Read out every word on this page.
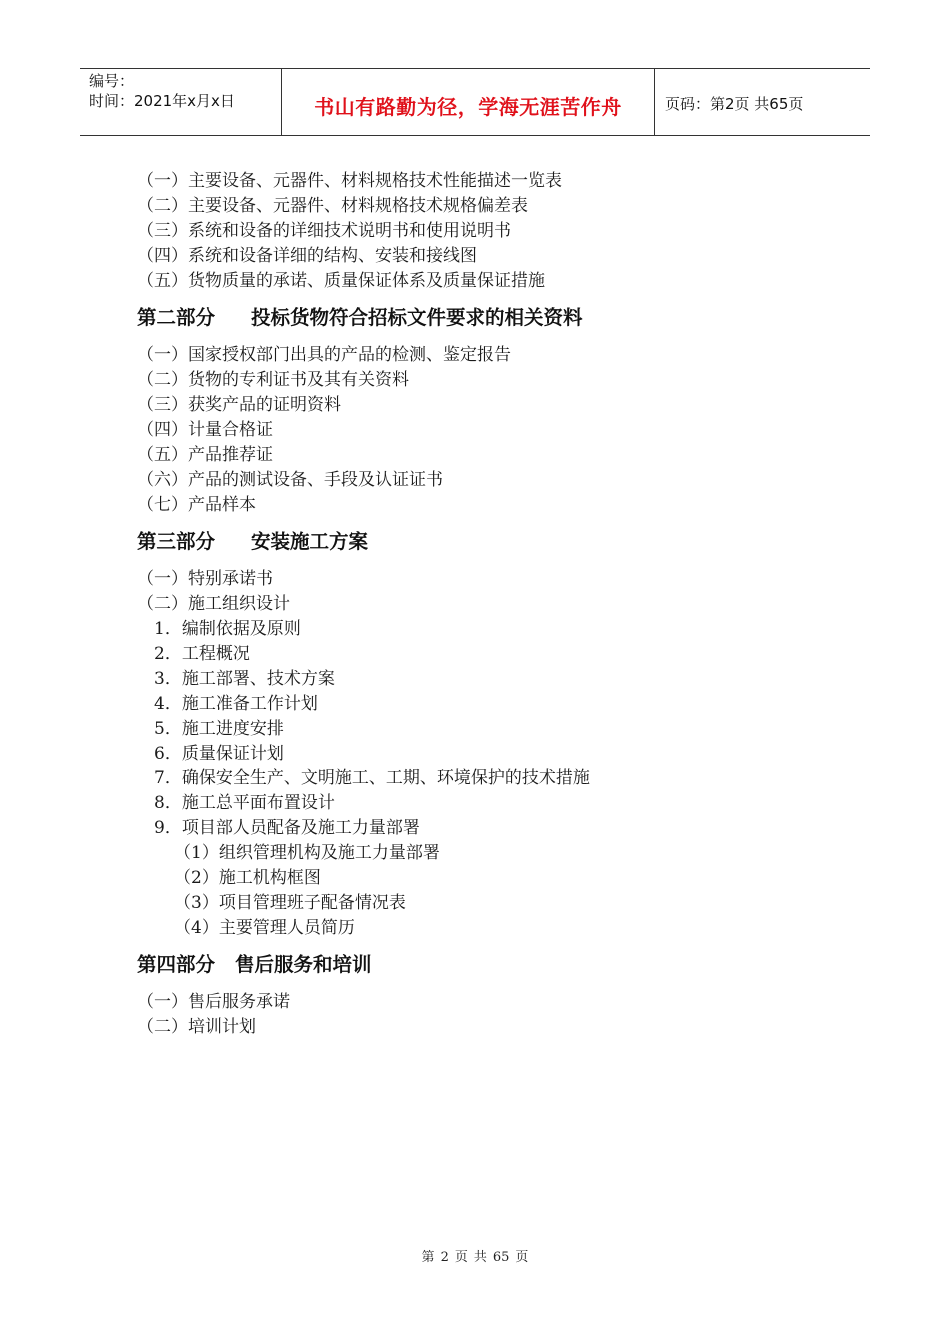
编号：
时间：2021年x月x日	书山有路勤为径，学海无涯苦作舟	页码：第2页 共65页
（一）主要设备、元器件、材料规格技术性能描述一览表
（二）主要设备、元器件、材料规格技术规格偏差表
（三）系统和设备的详细技术说明书和使用说明书
（四）系统和设备详细的结构、安装和接线图
（五）货物质量的承诺、质量保证体系及质量保证措施
第二部分 投标货物符合招标文件要求的相关资料
（一）国家授权部门出具的产品的检测、鉴定报告
（二）货物的专利证书及其有关资料
（三）获奖产品的证明资料
（四）计量合格证
（五）产品推荐证
（六）产品的测试设备、手段及认证证书
（七）产品样本
第三部分 安装施工方案
（一）特别承诺书
（二）施工组织设计
1．编制依据及原则
2．工程概况
3．施工部署、技术方案
4．施工准备工作计划
5．施工进度安排
6．质量保证计划
7．确保安全生产、文明施工、工期、环境保护的技术措施
8．施工总平面布置设计
9．项目部人员配备及施工力量部署
（1）组织管理机构及施工力量部署
（2）施工机构框图
（3）项目管理班子配备情况表
（4）主要管理人员简历
第四部分 售后服务和培训
（一）售后服务承诺
（二）培训计划
第 2 页 共 65 页
